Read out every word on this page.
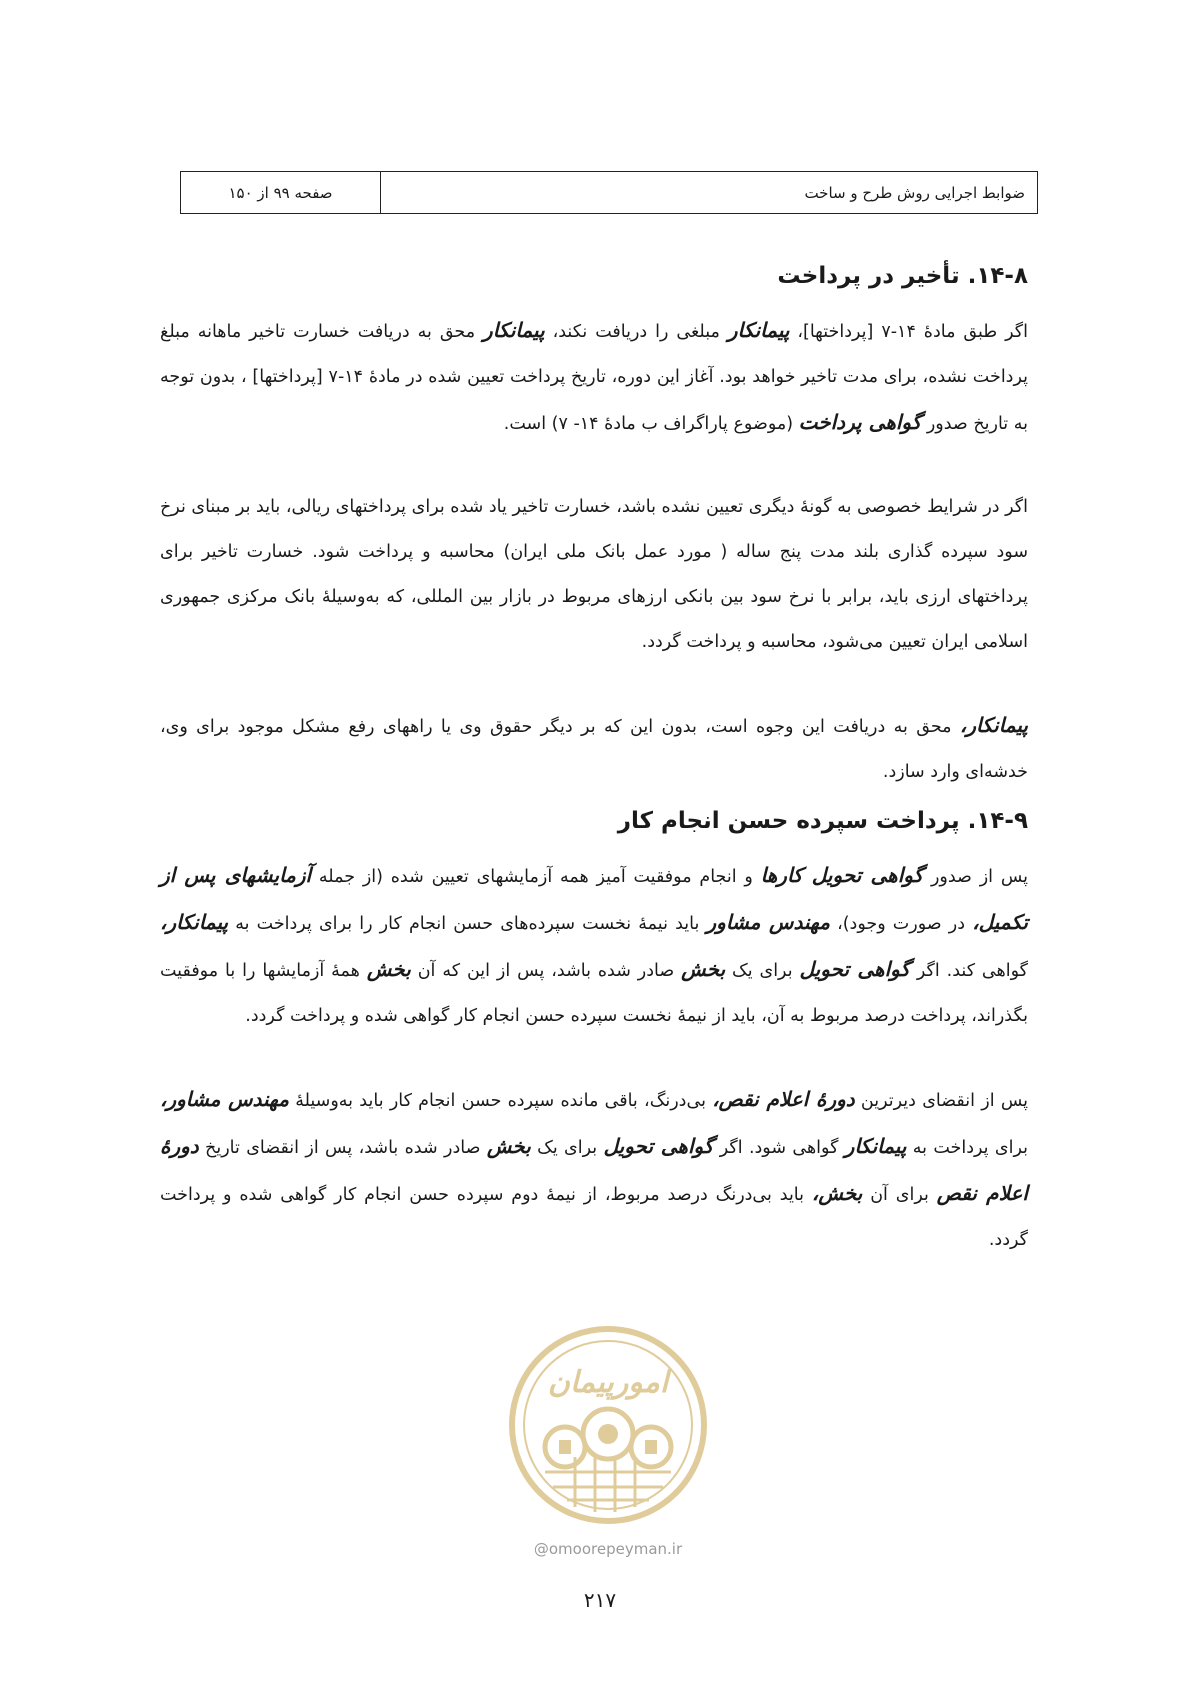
ضوابط اجرایی روش طرح و ساخت
صفحه ۹۹ از ۱۵۰
۱۴-۸. تأخیر در پرداخت

اگر طبق مادۀ ۱۴-۷ [پرداختها]، پیمانکار مبلغی را دریافت نکند، پیمانکار محق به دریافت خسارت تاخیر ماهانه مبلغ پرداخت نشده، برای مدت تاخیر خواهد بود. آغاز این دوره، تاریخ پرداخت تعیین شده در مادۀ ۱۴-۷ [پرداختها] ، بدون توجه به تاریخ صدور گواهی پرداخت (موضوع پاراگراف ب مادۀ ۱۴- ۷) است.

اگر در شرایط خصوصی به گونۀ دیگری تعیین نشده باشد، خسارت تاخیر یاد شده برای پرداختهای ریالی، باید بر مبنای نرخ سود سپرده گذاری بلند مدت پنج ساله ( مورد عمل بانک ملی ایران) محاسبه و پرداخت شود. خسارت تاخیر برای پرداختهای ارزی باید، برابر با نرخ سود بین بانکی ارزهای مربوط در بازار بین المللی، که به‌وسیلۀ بانک مرکزی جمهوری اسلامی ایران تعیین می‌شود، محاسبه و پرداخت گردد.

پیمانکار، محق به دریافت این وجوه است، بدون این که بر دیگر حقوق وی یا راههای رفع مشکل موجود برای وی، خدشه‌ای وارد سازد.

۱۴-۹. پرداخت سپرده حسن انجام کار

پس از صدور گواهی تحویل کارها و انجام موفقیت آمیز همه آزمایشهای تعیین شده (از جمله آزمایشهای پس از تکمیل، در صورت وجود)، مهندس مشاور باید نیمۀ نخست سپرده‌های حسن انجام کار را برای پرداخت به پیمانکار، گواهی کند. اگر گواهی تحویل برای یک بخش صادر شده باشد، پس از این که آن بخش همۀ آزمایشها را با موفقیت بگذراند، پرداخت درصد مربوط به آن، باید از نیمۀ نخست سپرده حسن انجام کار گواهی شده و پرداخت گردد.

پس از انقضای دیرترین دورۀ اعلام نقص، بی‌درنگ، باقی مانده سپرده حسن انجام کار باید به‌وسیلۀ مهندس مشاور، برای پرداخت به پیمانکار گواهی شود. اگر گواهی تحویل برای یک بخش صادر شده باشد، پس از انقضای تاریخ دورۀ اعلام نقص برای آن بخش، باید بی‌درنگ درصد مربوط، از نیمۀ دوم سپرده حسن انجام کار گواهی شده و پرداخت گردد.

امورپیمان
@omoorepeyman.ir
۲۱۷
